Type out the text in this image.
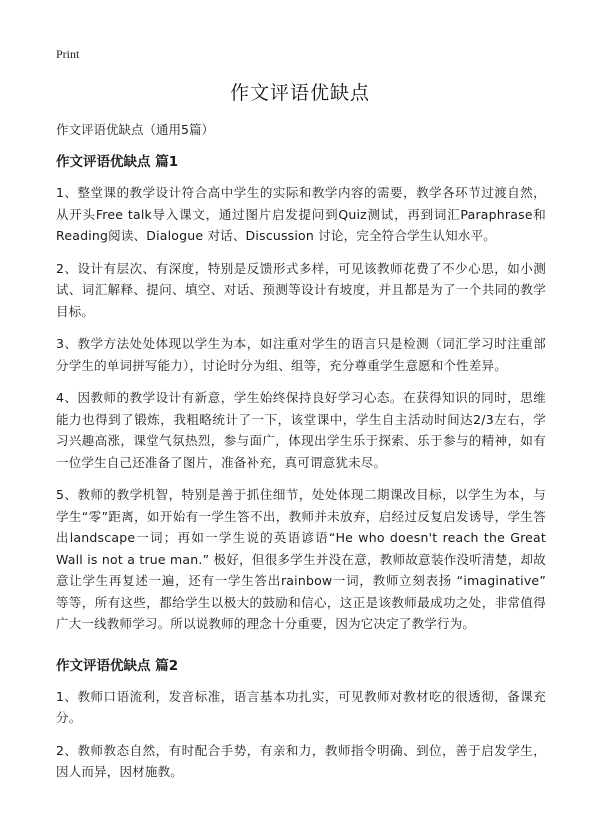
Print
作文评语优缺点

作文评语优缺点（通用5篇）

作文评语优缺点 篇1

1、整堂课的教学设计符合高中学生的实际和教学内容的需要，教学各环节过渡自然，从开头Free talk导入课文，通过图片启发提问到Quiz测试，再到词汇Paraphrase和Reading阅读、Dialogue 对话、Discussion 讨论，完全符合学生认知水平。

2、设计有层次、有深度，特别是反馈形式多样，可见该教师花费了不少心思，如小测试、词汇解释、提问、填空、对话、预测等设计有坡度，并且都是为了一个共同的教学目标。

3、教学方法处处体现以学生为本，如注重对学生的语言只是检测（词汇学习时注重部分学生的单词拼写能力），讨论时分为组、组等，充分尊重学生意愿和个性差异。

4、因教师的教学设计有新意，学生始终保持良好学习心态。在获得知识的同时，思维能力也得到了锻炼，我粗略统计了一下，该堂课中，学生自主活动时间达2/3左右，学习兴趣高涨，课堂气氛热烈，参与面广，体现出学生乐于探索、乐于参与的精神，如有一位学生自己还准备了图片，准备补充，真可谓意犹未尽。

5、教师的教学机智，特别是善于抓住细节，处处体现二期课改目标，以学生为本，与学生“零”距离，如开始有一学生答不出，教师并未放弃，启经过反复启发诱导，学生答出landscape一词；再如一学生说的英语谚语“He who doesn't reach the Great Wall is not a true man.” 极好，但很多学生并没在意，教师故意装作没听清楚，却故意让学生再复述一遍，还有一学生答出rainbow一词，教师立刻表扬 “imaginative” 等等，所有这些，都给学生以极大的鼓励和信心，这正是该教师最成功之处，非常值得广大一线教师学习。所以说教师的理念十分重要，因为它决定了教学行为。

作文评语优缺点 篇2

1、教师口语流利，发音标准，语言基本功扎实，可见教师对教材吃的很透彻，备课充分。

2、教师教态自然，有时配合手势，有亲和力，教师指令明确、到位，善于启发学生，因人而异，因材施教。
